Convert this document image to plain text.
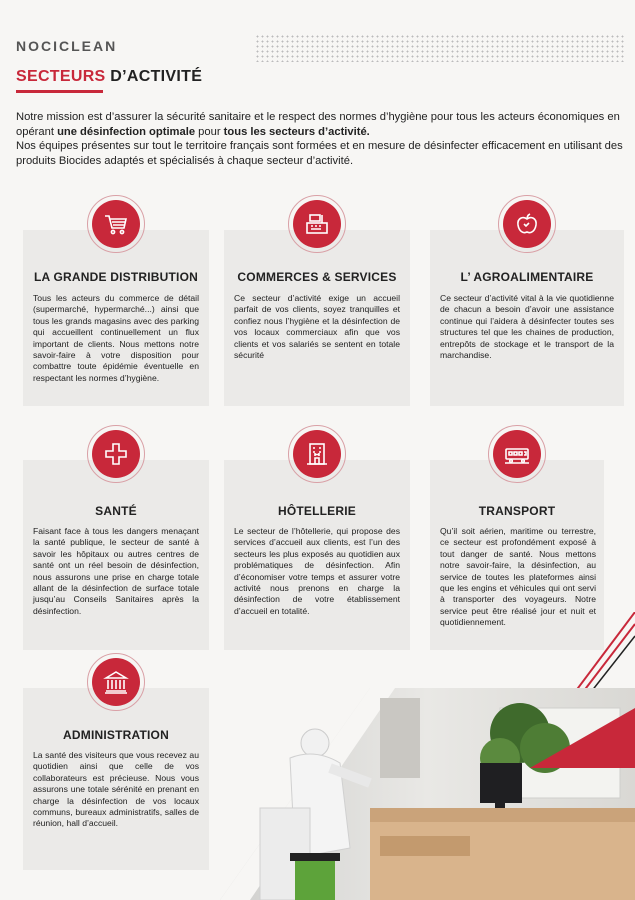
NOCICLEAN
SECTEURS D’ACTIVITÉ
Notre mission est d’assurer la sécurité sanitaire et le respect des normes d’hygiène pour tous les acteurs économiques en opérant une désinfection optimale pour tous les secteurs d’activité.
Nos équipes présentes sur tout le territoire français sont formées et en mesure de désinfecter efficacement en utilisant des produits Biocides adaptés et spécialisés à chaque secteur d’activité.
LA GRANDE DISTRIBUTION
Tous les acteurs du commerce de détail (supermarché, hypermarché...) ainsi que tous les grands magasins avec des parking qui accueillent continuellement un flux important de clients. Nous mettons notre savoir-faire à votre disposition pour combattre toute épidémie éventuelle en respectant les normes d’hygiène.
COMMERCES & SERVICES
Ce secteur d’activité exige un accueil parfait de vos clients, soyez tranquilles et confiez nous l’hygiène et la désinfection de vos locaux commerciaux afin que vos clients et vos salariés se sentent en totale sécurité
L’ AGROALIMENTAIRE
Ce secteur d’activité vital à la vie quotidienne de chacun a besoin d’avoir une assistance continue qui l’aidera à désinfecter toutes ses structures tel que les chaines de production, entrepôts de stockage et le transport de la marchandise.
SANTÉ
Faisant face à tous les dangers menaçant la santé publique, le secteur de santé à savoir les hôpitaux ou autres centres de santé ont un réel besoin de désinfection, nous assurons une prise en charge totale allant de la désinfection de surface totale jusqu’au Conseils Sanitaires après la désinfection.
HÔTELLERIE
Le secteur de l’hôtellerie, qui propose des services d’accueil aux clients, est l’un des secteurs les plus exposés au quotidien aux problématiques de désinfection. Afin d’économiser votre temps et assurer votre activité nous prenons en charge la désinfection de votre établissement d’accueil en totalité.
TRANSPORT
Qu’il soit aérien, maritime ou terrestre, ce secteur est profondément exposé à tout danger de santé. Nous mettons notre savoir-faire, la désinfection, au service de toutes les plateformes ainsi que les engins et véhicules qui ont servi à transporter des voyageurs. Notre service peut être réalisé jour et nuit et quotidiennement.
ADMINISTRATION
La santé des visiteurs que vous recevez au quotidien ainsi que celle de vos collaborateurs est précieuse. Nous vous assurons une totale sérénité en prenant en charge la désinfection de vos locaux communs, bureaux administratifs, salles de réunion, hall d’accueil.
